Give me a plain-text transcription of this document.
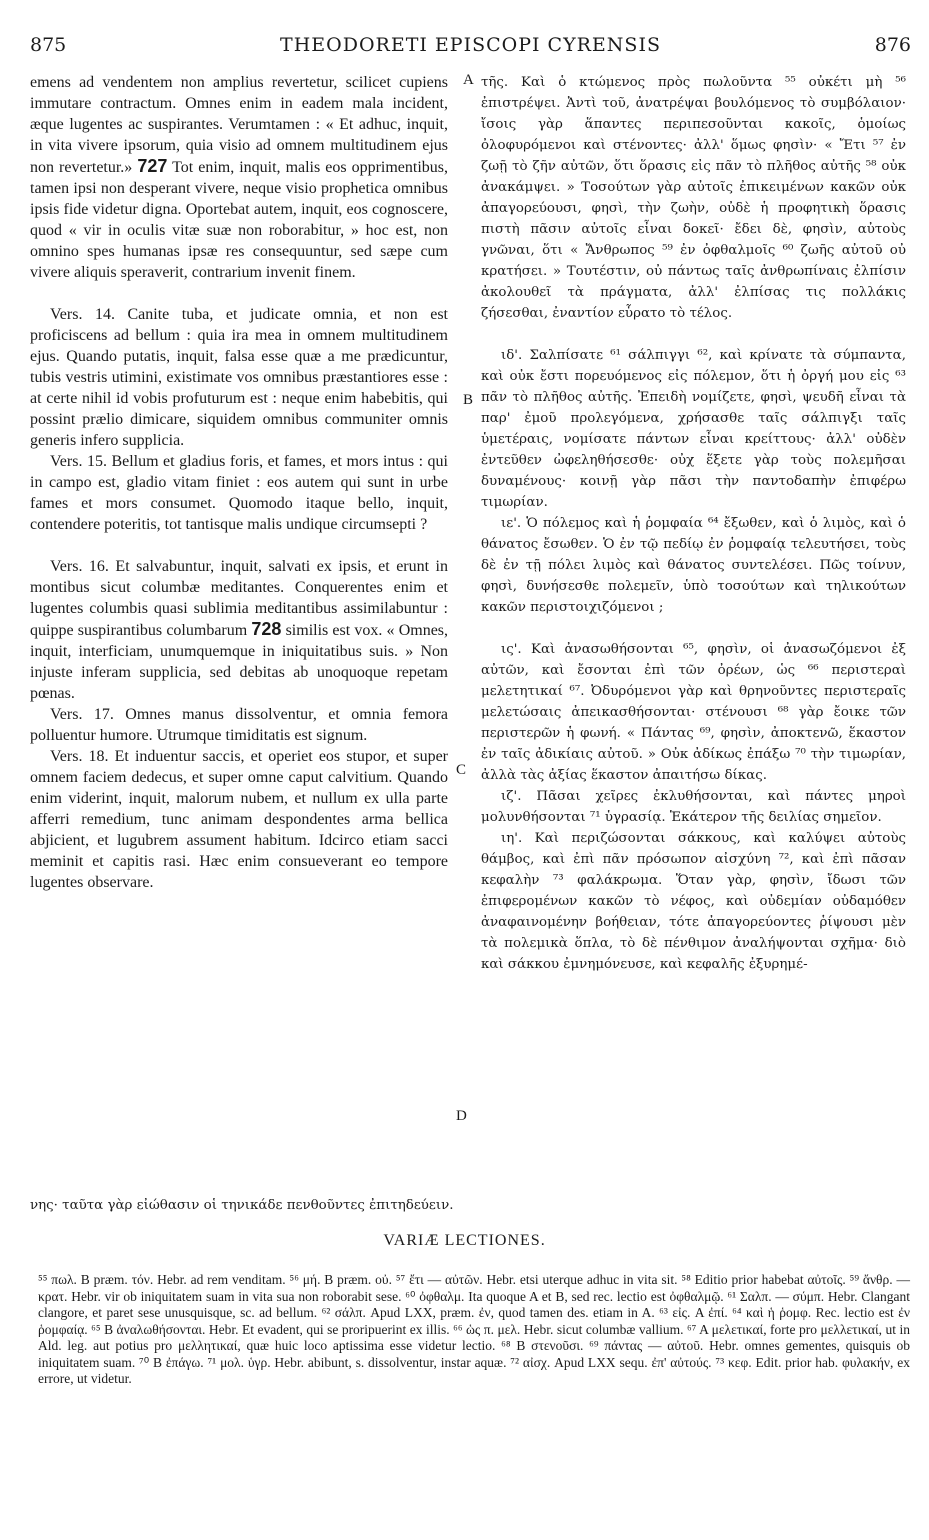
875	THEODORETI EPISCOPI CYRENSIS	876
A
B
C
D

emens ad vendentem non amplius revertetur, scilicet cupiens immutare contractum. Omnes enim in eadem mala incident, æque lugentes ac suspirantes. Verumtamen : « Et adhuc, inquit, in vita vivere ipsorum, quia visio ad omnem multitudinem ejus non revertetur.» 727 Tot enim, inquit, malis eos opprimentibus, tamen ipsi non desperant vivere, neque visio prophetica omnibus ipsis fide videtur digna. Oportebat autem, inquit, eos cognoscere, quod « vir in oculis vitæ suæ non roborabitur, » hoc est, non omnino spes humanas ipsæ res consequuntur, sed sæpe cum vivere aliquis speraverit, contrarium invenit finem.

Vers. 14. Canite tuba, et judicate omnia, et non est proficiscens ad bellum : quia ira mea in omnem multitudinem ejus. Quando putatis, inquit, falsa esse quæ a me prædicuntur, tubis vestris utimini, existimate vos omnibus præstantiores esse : at certe nihil id vobis profuturum est : neque enim habebitis, qui possint prælio dimicare, siquidem omnibus communiter omnis generis infero supplicia.

Vers. 15. Bellum et gladius foris, et fames, et mors intus : qui in campo est, gladio vitam finiet : eos autem qui sunt in urbe fames et mors consumet. Quomodo itaque bello, inquit, contendere poteritis, tot tantisque malis undique circumsepti ?

Vers. 16. Et salvabuntur, inquit, salvati ex ipsis, et erunt in montibus sicut columbæ meditantes. Conquerentes enim et lugentes columbis quasi sublimia meditantibus assimilabuntur : quippe suspirantibus columbarum 728 similis est vox. « Omnes, inquit, interficiam, unumquemque in iniquitatibus suis. » Non injuste inferam supplicia, sed debitas ab unoquoque repetam pœnas.

Vers. 17. Omnes manus dissolventur, et omnia femora polluentur humore. Utrumque timiditatis est signum.

Vers. 18. Et induentur saccis, et operiet eos stupor, et super omnem faciem dedecus, et super omne caput calvitium. Quando enim viderint, inquit, malorum nubem, et nullum ex ulla parte afferri remedium, tunc animam despondentes arma bellica abjicient, et lugubrem assument habitum. Idcirco etiam sacci meminit et capitis rasi. Hæc enim consueverant eo tempore lugentes observare.

τῆς. Καὶ ὁ κτώμενος πρὸς πωλοῦντα ⁵⁵ οὐκέτι μὴ ⁵⁶ ἐπιστρέψει. Ἀντὶ τοῦ, ἀνατρέψαι βουλόμενος τὸ συμβόλαιον· ἴσοις γὰρ ἅπαντες περιπεσοῦνται κακοῖς, ὁμοίως ὀλοφυρόμενοι καὶ στένοντες· ἀλλ' ὅμως φησὶν· « Ἔτι ⁵⁷ ἐν ζωῇ τὸ ζῆν αὐτῶν, ὅτι ὅρασις εἰς πᾶν τὸ πλῆθος αὐτῆς ⁵⁸ οὐκ ἀνακάμψει. » Τοσούτων γὰρ αὐτοῖς ἐπικειμένων κακῶν οὐκ ἀπαγορεύουσι, φησὶ, τὴν ζωὴν, οὐδὲ ἡ προφητικὴ ὅρασις πιστὴ πᾶσιν αὐτοῖς εἶναι δοκεῖ· ἔδει δὲ, φησὶν, αὐτοὺς γνῶναι, ὅτι « Ἄνθρωπος ⁵⁹ ἐν ὀφθαλμοῖς ⁶⁰ ζωῆς αὐτοῦ οὐ κρατήσει. » Τουτέστιν, οὐ πάντως ταῖς ἀνθρωπίναις ἐλπίσιν ἀκολουθεῖ τὰ πράγματα, ἀλλ' ἐλπίσας τις πολλάκις ζήσεσθαι, ἐναντίον εὗρατο τὸ τέλος.

ιδ'. Σαλπίσατε ⁶¹ σάλπιγγι ⁶², καὶ κρίνατε τὰ σύμπαντα, καὶ οὐκ ἔστι πορευόμενος εἰς πόλεμον, ὅτι ἡ ὀργή μου εἰς ⁶³ πᾶν τὸ πλῆθος αὐτῆς. Ἐπειδὴ νομίζετε, φησὶ, ψευδῆ εἶναι τὰ παρ' ἐμοῦ προλεγόμενα, χρήσασθε ταῖς σάλπιγξι ταῖς ὑμετέραις, νομίσατε πάντων εἶναι κρείττους· ἀλλ' οὐδὲν ἐντεῦθεν ὠφεληθήσεσθε· οὐχ ἕξετε γὰρ τοὺς πολεμῆσαι δυναμένους· κοινῇ γὰρ πᾶσι τὴν παντοδαπὴν ἐπιφέρω τιμωρίαν.

ιε'. Ὁ πόλεμος καὶ ἡ ῥομφαία ⁶⁴ ἔξωθεν, καὶ ὁ λιμὸς, καὶ ὁ θάνατος ἔσωθεν. Ὁ ἐν τῷ πεδίῳ ἐν ῥομφαίᾳ τελευτήσει, τοὺς δὲ ἐν τῇ πόλει λιμὸς καὶ θάνατος συντελέσει. Πῶς τοίνυν, φησὶ, δυνήσεσθε πολεμεῖν, ὑπὸ τοσούτων καὶ τηλικούτων κακῶν περιστοιχιζόμενοι ;

ις'. Καὶ ἀνασωθήσονται ⁶⁵, φησὶν, οἱ ἀνασωζόμενοι ἐξ αὐτῶν, καὶ ἔσονται ἐπὶ τῶν ὀρέων, ὡς ⁶⁶ περιστεραὶ μελετητικαί ⁶⁷. Ὀδυρόμενοι γὰρ καὶ θρηνοῦντες περιστεραῖς μελετώσαις ἀπεικασθήσονται· στένουσι ⁶⁸ γὰρ ἔοικε τῶν περιστερῶν ἡ φωνή. « Πάντας ⁶⁹, φησὶν, ἀποκτενῶ, ἕκαστον ἐν ταῖς ἀδικίαις αὐτοῦ. » Οὐκ ἀδίκως ἐπάξω ⁷⁰ τὴν τιμωρίαν, ἀλλὰ τὰς ἀξίας ἕκαστον ἀπαιτήσω δίκας.

ιζ'. Πᾶσαι χεῖρες ἐκλυθήσονται, καὶ πάντες μηροὶ μολυνθήσονται ⁷¹ ὑγρασίᾳ. Ἑκάτερον τῆς δειλίας σημεῖον.

ιη'. Καὶ περιζώσονται σάκκους, καὶ καλύψει αὐτοὺς θάμβος, καὶ ἐπὶ πᾶν πρόσωπον αἰσχύνη ⁷², καὶ ἐπὶ πᾶσαν κεφαλὴν ⁷³ φαλάκρωμα. Ὅταν γὰρ, φησὶν, ἴδωσι τῶν ἐπιφερομένων κακῶν τὸ νέφος, καὶ οὐδεμίαν οὐδαμόθεν ἀναφαινομένην βοήθειαν, τότε ἀπαγορεύοντες ῥίψουσι μὲν τὰ πολεμικὰ ὅπλα, τὸ δὲ πένθιμον ἀναλήψονται σχῆμα· διὸ καὶ σάκκου ἐμνημόνευσε, καὶ κεφαλῆς ἐξυρημέ-

νης· ταῦτα γὰρ εἰώθασιν οἱ τηνικάδε πενθοῦντες ἐπιτηδεύειν.
VARIÆ LECTIONES.
⁵⁵ πωλ. B præm. τόν. Hebr. ad rem venditam. ⁵⁶ μή. B præm. οὐ. ⁵⁷ ἔτι — αὐτῶν. Hebr. etsi uterque adhuc in vita sit. ⁵⁸ Editio prior habebat αὐτοῖς. ⁵⁹ ἄνθρ. — κρατ. Hebr. vir ob iniquitatem suam in vita sua non roborabit sese. ⁶⁰ ὀφθαλμ. Ita quoque A et B, sed rec. lectio est ὀφθαλμῷ. ⁶¹ Σαλπ. — σύμπ. Hebr. Clangant clangore, et paret sese unusquisque, sc. ad bellum. ⁶² σάλπ. Apud LXX, præm. ἐν, quod tamen des. etiam in A. ⁶³ εἰς. A ἐπί. ⁶⁴ καὶ ἡ ῥομφ. Rec. lectio est ἐν ῥομφαίᾳ. ⁶⁵ B ἀναλωθήσονται. Hebr. Et evadent, qui se proripuerint ex illis. ⁶⁶ ὡς π. μελ. Hebr. sicut columbæ vallium. ⁶⁷ A μελετικαί, forte pro μελλετικαί, ut in Ald. leg. aut potius pro μελλητικαί, quæ huic loco aptissima esse videtur lectio. ⁶⁸ B στενοῦσι. ⁶⁹ πάντας — αὐτοῦ. Hebr. omnes gementes, quisquis ob iniquitatem suam. ⁷⁰ B ἐπάγω. ⁷¹ μολ. ὑγρ. Hebr. abibunt, s. dissolventur, instar aquæ. ⁷² αἰσχ. Apud LXX sequ. ἐπ' αὐτούς. ⁷³ κεφ. Edit. prior hab. φυλακήν, ex errore, ut videtur.
